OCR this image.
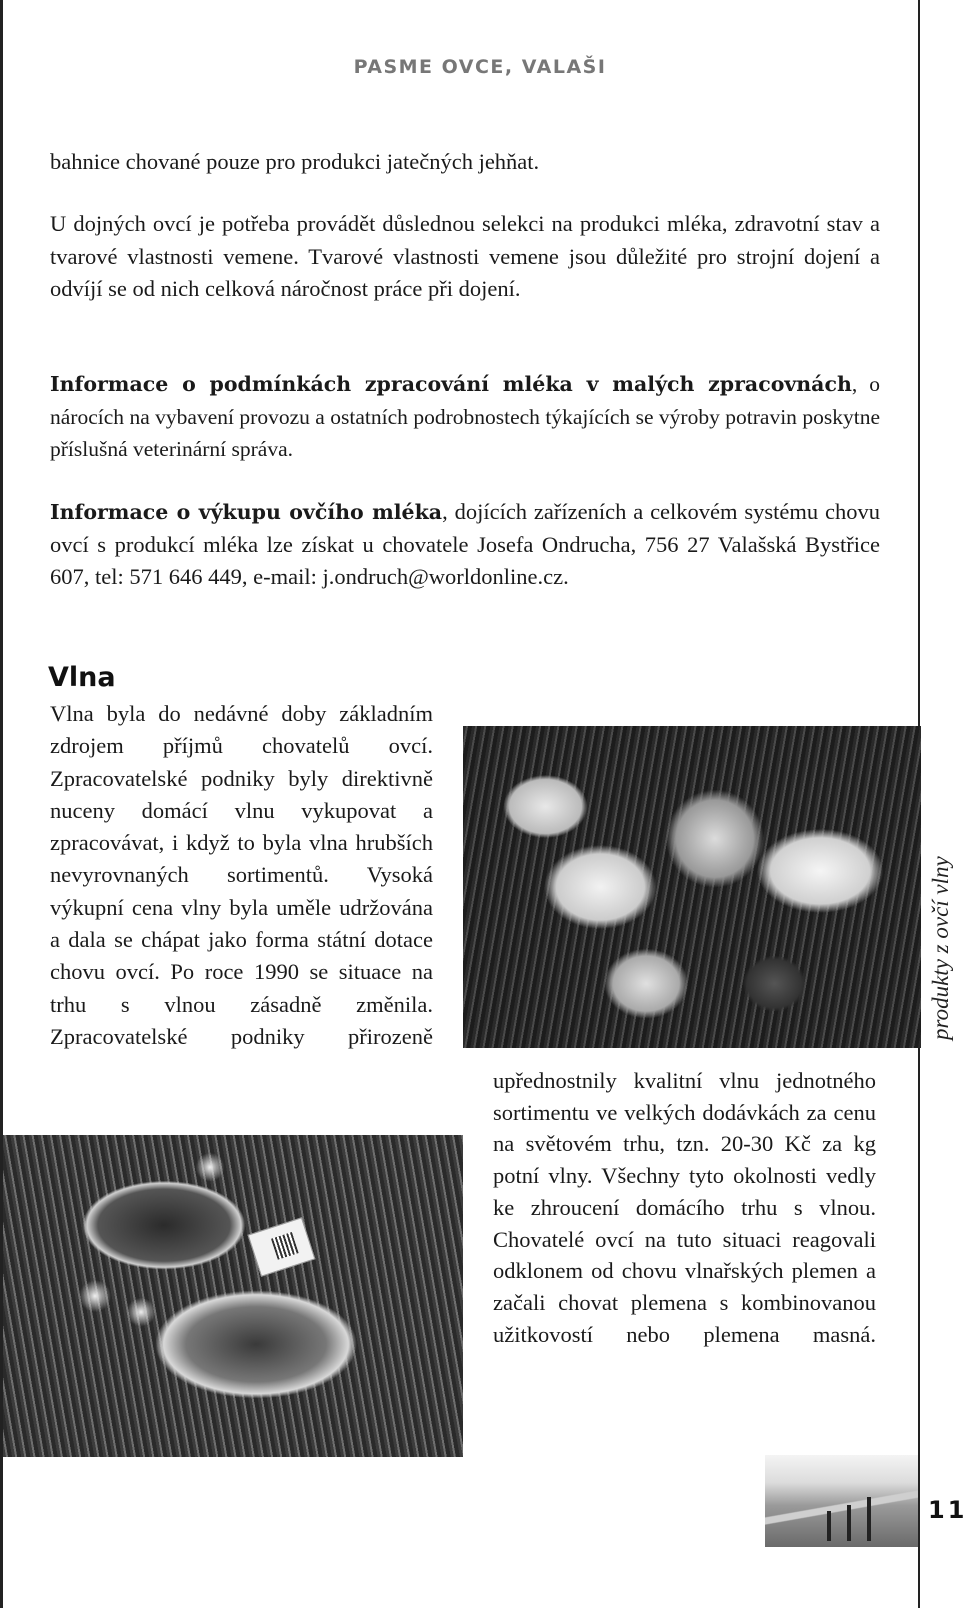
PASME OVCE, VALAŠI

bahnice chované pouze pro produkci jatečných jehňat.

U dojných ovcí je potřeba provádět důslednou selekci na produkci mléka, zdravotní stav a tvarové vlastnosti vemene. Tvarové vlastnosti vemene jsou důležité pro strojní dojení a odvíjí se od nich celková náročnost práce při dojení.

Informace o podmínkách zpracování mléka v malých zpracovnách, o nárocích na vybavení provozu a ostatních podrobnostech týkajících se výroby potravin poskytne příslušná veterinární správa.

Informace o výkupu ovčího mléka, dojících zařízeních a celkovém systému chovu ovcí s produkcí mléka lze získat u chovatele Josefa Ondrucha, 756 27 Valašská Bystřice 607, tel: 571 646 449, e-mail: j.ondruch@worldonline.cz.

Vlna

Vlna byla do nedávné doby základním zdrojem příjmů chovatelů ovcí. Zpracovatelské podniky byly direktivně nuceny domácí vlnu vykupovat a zpracovávat, i když to byla vlna hrubších nevyrovnaných sortimentů. Vysoká výkupní cena vlny byla uměle udržována a dala se chápat jako forma státní dotace chovu ovcí. Po roce 1990 se situace na trhu s vlnou zásadně změnila. Zpracovatelské podniky přirozeně

upřednostnily kvalitní vlnu jednotného sortimentu ve velkých dodávkách za cenu na světovém trhu, tzn. 20-30 Kč za kg potní vlny. Všechny tyto okolnosti vedly ke zhroucení domácího trhu s vlnou. Chovatelé ovcí na tuto situaci reagovali odklonem od chovu vlnařských plemen a začali chovat plemena s kombinovanou užitkovostí nebo plemena masná.

produkty z ovčí vlny
11
